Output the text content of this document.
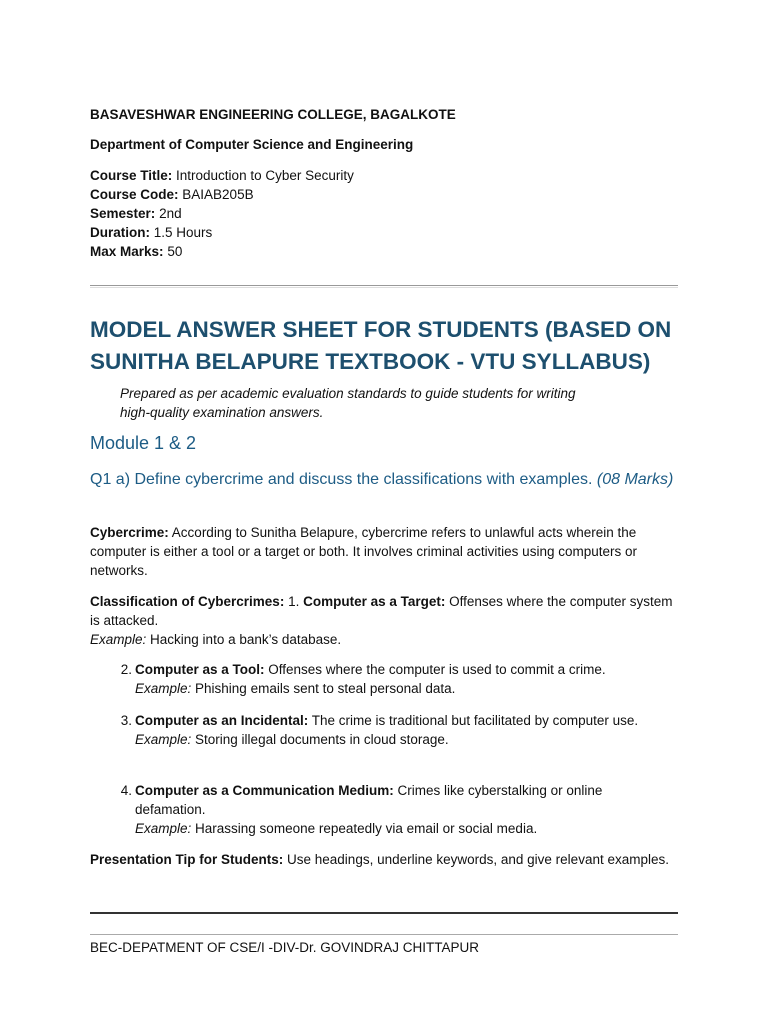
BASAVESHWAR ENGINEERING COLLEGE, BAGALKOTE
Department of Computer Science and Engineering
Course Title: Introduction to Cyber Security
Course Code: BAIAB205B
Semester: 2nd
Duration: 1.5 Hours
Max Marks: 50
MODEL ANSWER SHEET FOR STUDENTS (BASED ON
SUNITHA BELAPURE TEXTBOOK - VTU SYLLABUS)
Prepared as per academic evaluation standards to guide students for writing
high-quality examination answers.
Module 1 & 2
Q1 a) Define cybercrime and discuss the classifications with examples. (08 Marks)
Cybercrime: According to Sunitha Belapure, cybercrime refers to unlawful acts wherein the computer is either a tool or a target or both. It involves criminal activities using computers or networks.
Classification of Cybercrimes: 1. Computer as a Target: Offenses where the computer system is attacked.
Example: Hacking into a bank’s database.
2. Computer as a Tool: Offenses where the computer is used to commit a crime.
Example: Phishing emails sent to steal personal data.
3. Computer as an Incidental: The crime is traditional but facilitated by computer use.
Example: Storing illegal documents in cloud storage.
4. Computer as a Communication Medium: Crimes like cyberstalking or online defamation.
Example: Harassing someone repeatedly via email or social media.
Presentation Tip for Students: Use headings, underline keywords, and give relevant examples.
BEC-DEPATMENT OF CSE/I -DIV-Dr. GOVINDRAJ CHITTAPUR
